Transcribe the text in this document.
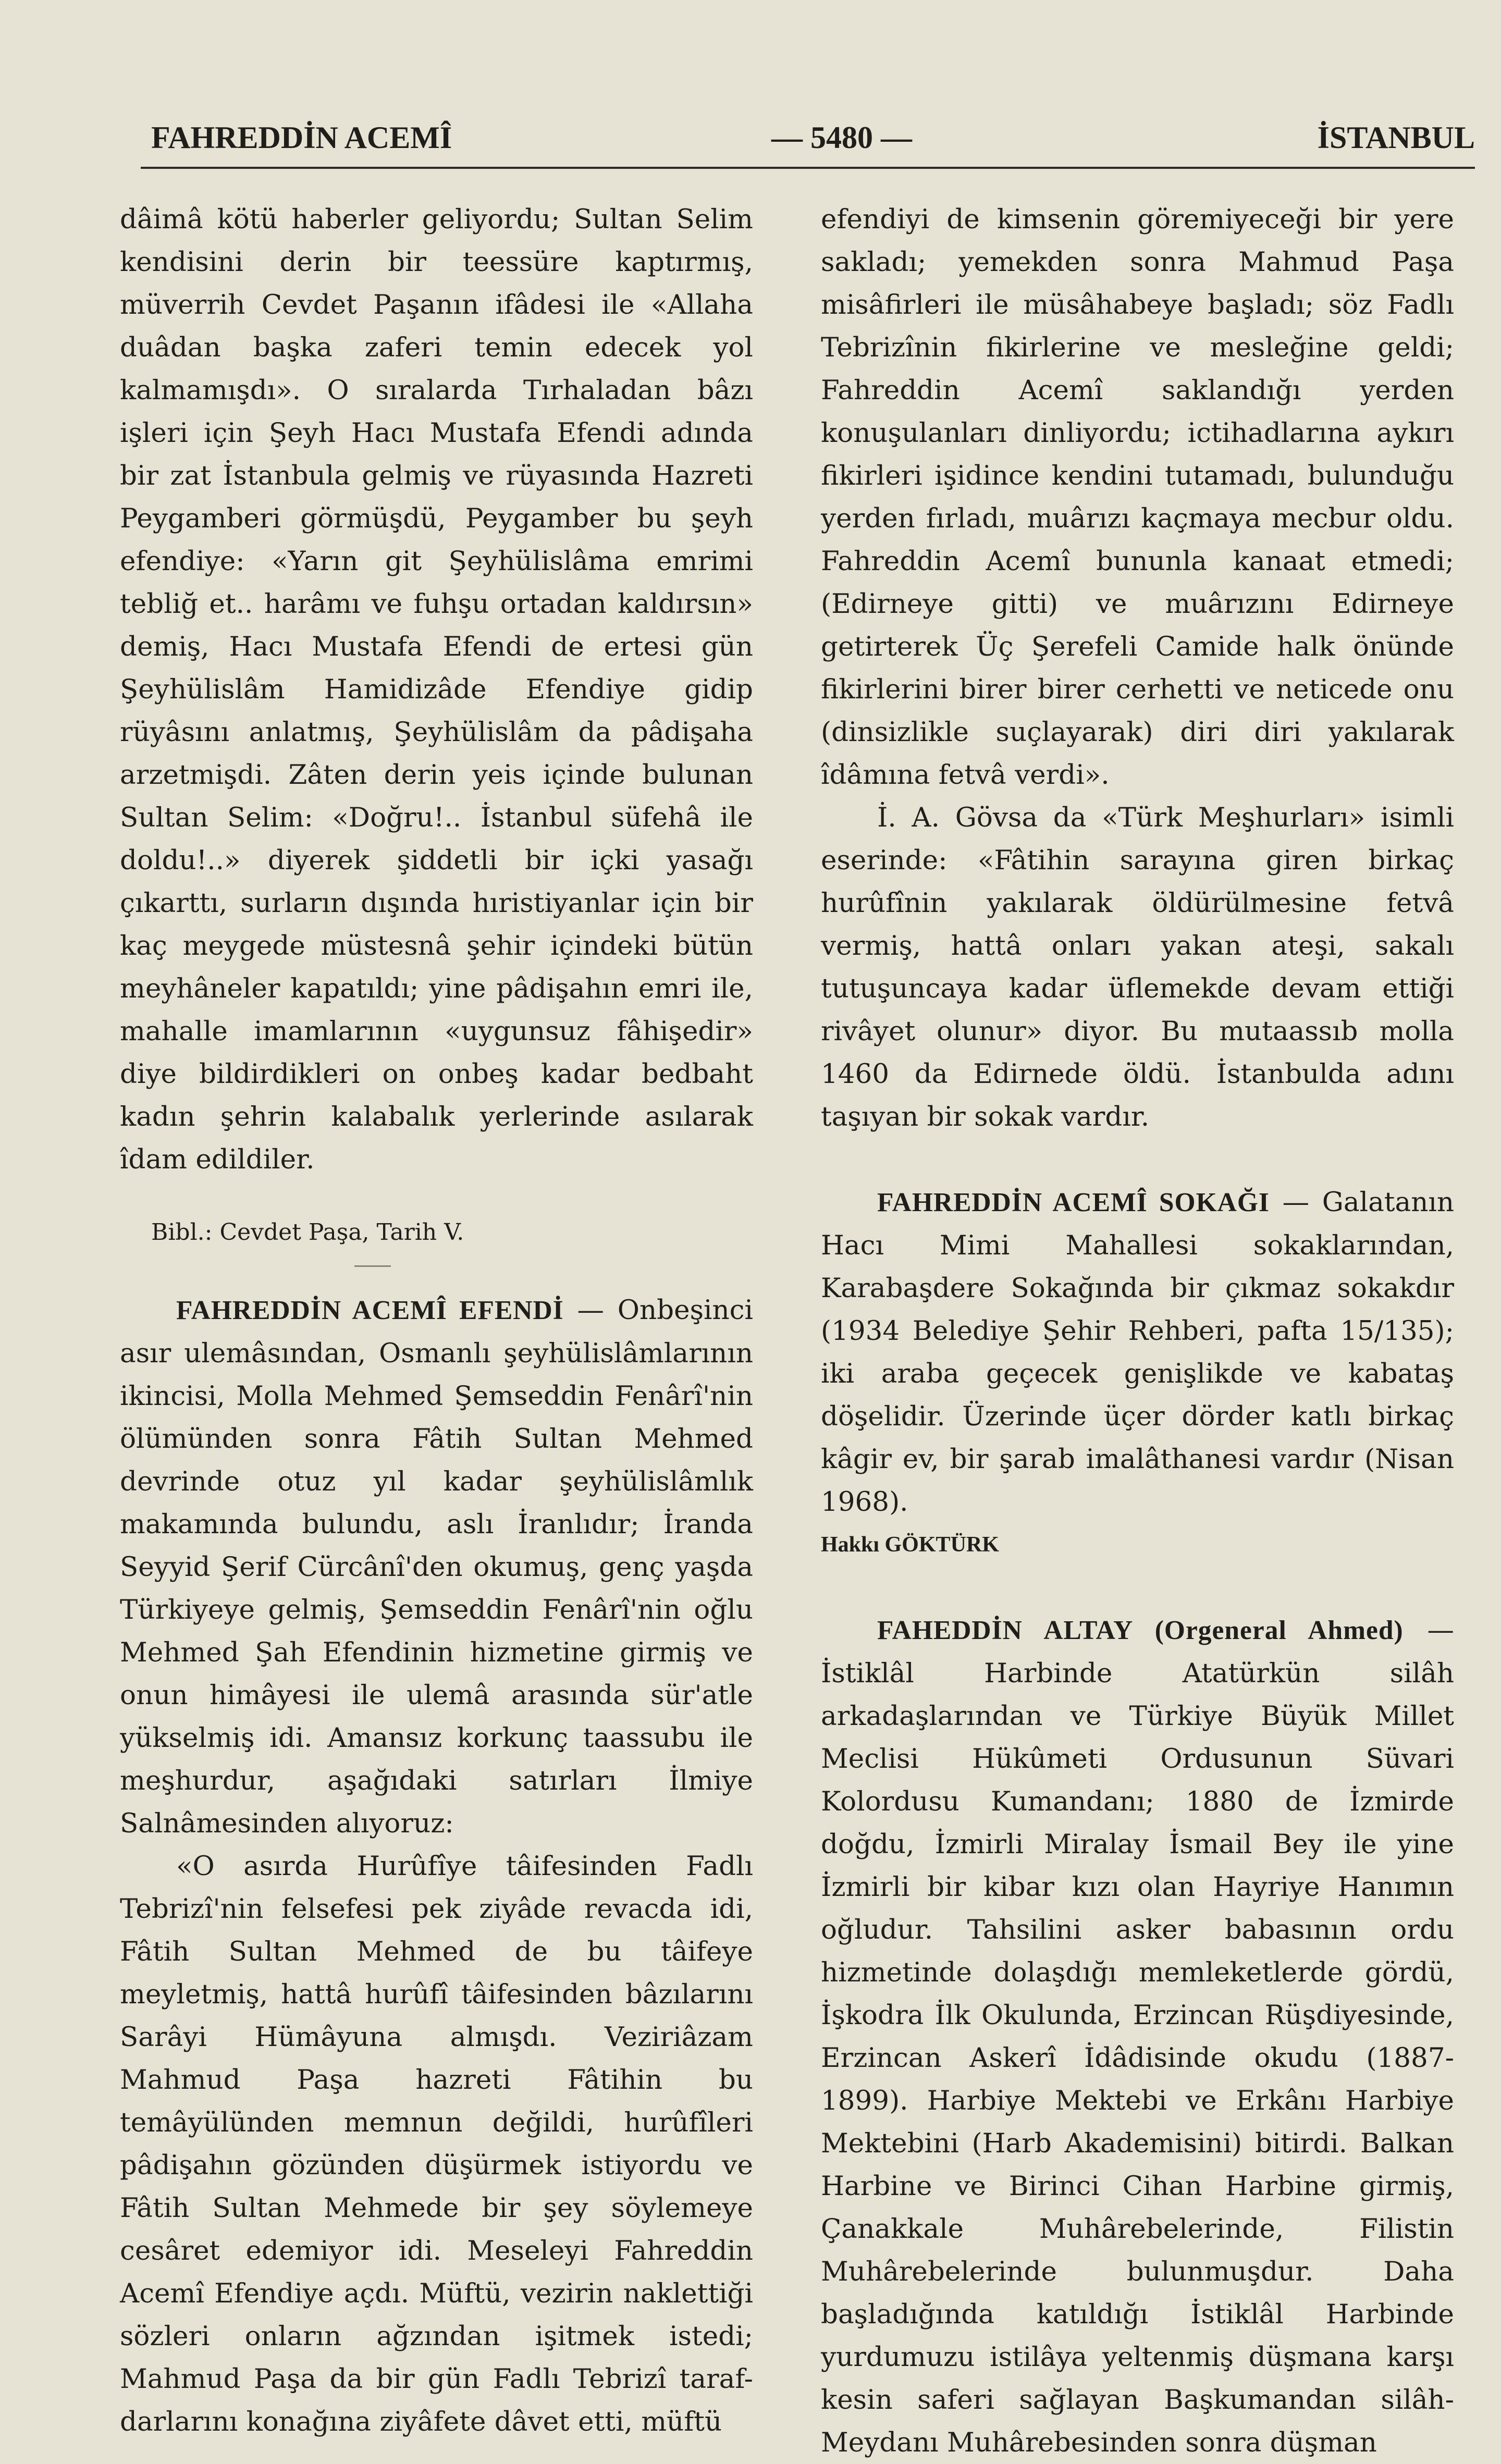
FAHREDDİN ACEMÎ	— 5480 —	İSTANBUL

dâimâ kötü haberler geliyordu; Sultan Selim kendisini derin bir teessüre kaptırmış, müverrih Cevdet Paşanın ifâdesi ile «Allaha duâdan başka zaferi temin edecek yol kalmamışdı». O sıralarda Tırhaladan bâzı işleri için Şeyh Hacı Mustafa Efendi adında bir zat İstanbula gelmiş ve rüyasında Hazreti Peygamberi görmüşdü, Peygamber bu şeyh efendiye: «Yarın git Şeyhülislâma emrimi tebliğ et.. harâmı ve fuhşu ortadan kaldırsın» demiş, Hacı Mustafa Efendi de ertesi gün Şeyhülislâm Hamidizâde Efendiye gidip rüyâsını anlatmış, Şeyhülislâm da pâdişaha arzetmişdi. Zâten derin yeis içinde bulunan Sultan Selim: «Doğru!.. İstanbul süfehâ ile doldu!..» diyerek şiddetli bir içki yasağı çıkarttı, surların dışında hıristiyanlar için bir kaç meygede müstesnâ şehir içindeki bütün meyhâneler kapatıldı; yine pâdişahın emri ile, mahalle imamlarının «uygunsuz fâhişedir» diye bildirdikleri on onbeş kadar bedbaht kadın şehrin kalabalık yerlerinde asılarak îdam edildiler.

Bibl.: Cevdet Paşa, Tarih V.

FAHREDDİN ACEMÎ EFENDİ — Onbeşinci asır ulemâsından, Osmanlı şeyhülislâmlarının ikincisi, Molla Mehmed Şemseddin Fenârî'nin ölümünden sonra Fâtih Sultan Mehmed devrinde otuz yıl kadar şeyhülislâmlık makamında bulundu, aslı İranlıdır; İranda Seyyid Şerif Cürcânî'den okumuş, genç yaşda Türkiyeye gelmiş, Şemseddin Fenârî'nin oğlu Mehmed Şah Efendinin hizmetine girmiş ve onun himâyesi ile ulemâ arasında sür'atle yükselmiş idi. Amansız korkunç taassubu ile meşhurdur, aşağıdaki satırları İlmiye Salnâmesinden alıyoruz:

«O asırda Hurûfîye tâifesinden Fadlı Tebrizî'nin felsefesi pek ziyâde revacda idi, Fâtih Sultan Mehmed de bu tâifeye meyletmiş, hattâ hurûfî tâifesinden bâzılarını Sarâyi Hümâyuna almışdı. Veziriâzam Mahmud Paşa hazreti Fâtihin bu temâyülünden memnun değildi, hurûfîleri pâdişahın gözünden düşürmek istiyordu ve Fâtih Sultan Mehmede bir şey söylemeye cesâret edemiyor idi. Meseleyi Fahreddin Acemî Efendiye açdı. Müftü, vezirin naklettiği sözleri onların ağzından işitmek istedi; Mahmud Paşa da bir gün Fadlı Tebrizî taraf-darlarını konağına ziyâfete dâvet etti, müftü

efendiyi de kimsenin göremiyeceği bir yere sakladı; yemekden sonra Mahmud Paşa misâfirleri ile müsâhabeye başladı; söz Fadlı Tebrizînin fikirlerine ve mesleğine geldi; Fahreddin Acemî saklandığı yerden konuşulanları dinliyordu; ictihadlarına aykırı fikirleri işidince kendini tutamadı, bulunduğu yerden fırladı, muârızı kaçmaya mecbur oldu. Fahreddin Acemî bununla kanaat etmedi; (Edirneye gitti) ve muârızını Edirneye getirterek Üç Şerefeli Camide halk önünde fikirlerini birer birer cerhetti ve neticede onu (dinsizlikle suçlayarak) diri diri yakılarak îdâmına fetvâ verdi».

İ. A. Gövsa da «Türk Meşhurları» isimli eserinde: «Fâtihin sarayına giren birkaç hurûfînin yakılarak öldürülmesine fetvâ vermiş, hattâ onları yakan ateşi, sakalı tutuşuncaya kadar üflemekde devam ettiği rivâyet olunur» diyor. Bu mutaassıb molla 1460 da Edirnede öldü. İstanbulda adını taşıyan bir sokak vardır.

FAHREDDİN ACEMÎ SOKAĞI — Galatanın Hacı Mimi Mahallesi sokaklarından, Karabaşdere Sokağında bir çıkmaz sokakdır (1934 Belediye Şehir Rehberi, pafta 15/135); iki araba geçecek genişlikde ve kabataş döşelidir. Üzerinde üçer dörder katlı birkaç kâgir ev, bir şarab imalâthanesi vardır (Nisan 1968).

Hakkı GÖKTÜRK

FAHEDDİN ALTAY (Orgeneral Ahmed) — İstiklâl Harbinde Atatürkün silâh arkadaşlarından ve Türkiye Büyük Millet Meclisi Hükûmeti Ordusunun Süvari Kolordusu Kumandanı; 1880 de İzmirde doğdu, İzmirli Miralay İsmail Bey ile yine İzmirli bir kibar kızı olan Hayriye Hanımın oğludur. Tahsilini asker babasının ordu hizmetinde dolaşdığı memleketlerde gördü, İşkodra İlk Okulunda, Erzincan Rüşdiyesinde, Erzincan Askerî İdâdisinde okudu (1887-1899). Harbiye Mektebi ve Erkânı Harbiye Mektebini (Harb Akademisini) bitirdi. Balkan Harbine ve Birinci Cihan Harbine girmiş, Çanakkale Muhârebelerinde, Filistin Muhârebelerinde bulunmuşdur. Daha başladığında katıldığı İstiklâl Harbinde yurdumuzu istilâya yeltenmiş düşmana karşı kesin saferi sağlayan Başkumandan silâh-Meydanı Muhârebesinden sonra düşman
